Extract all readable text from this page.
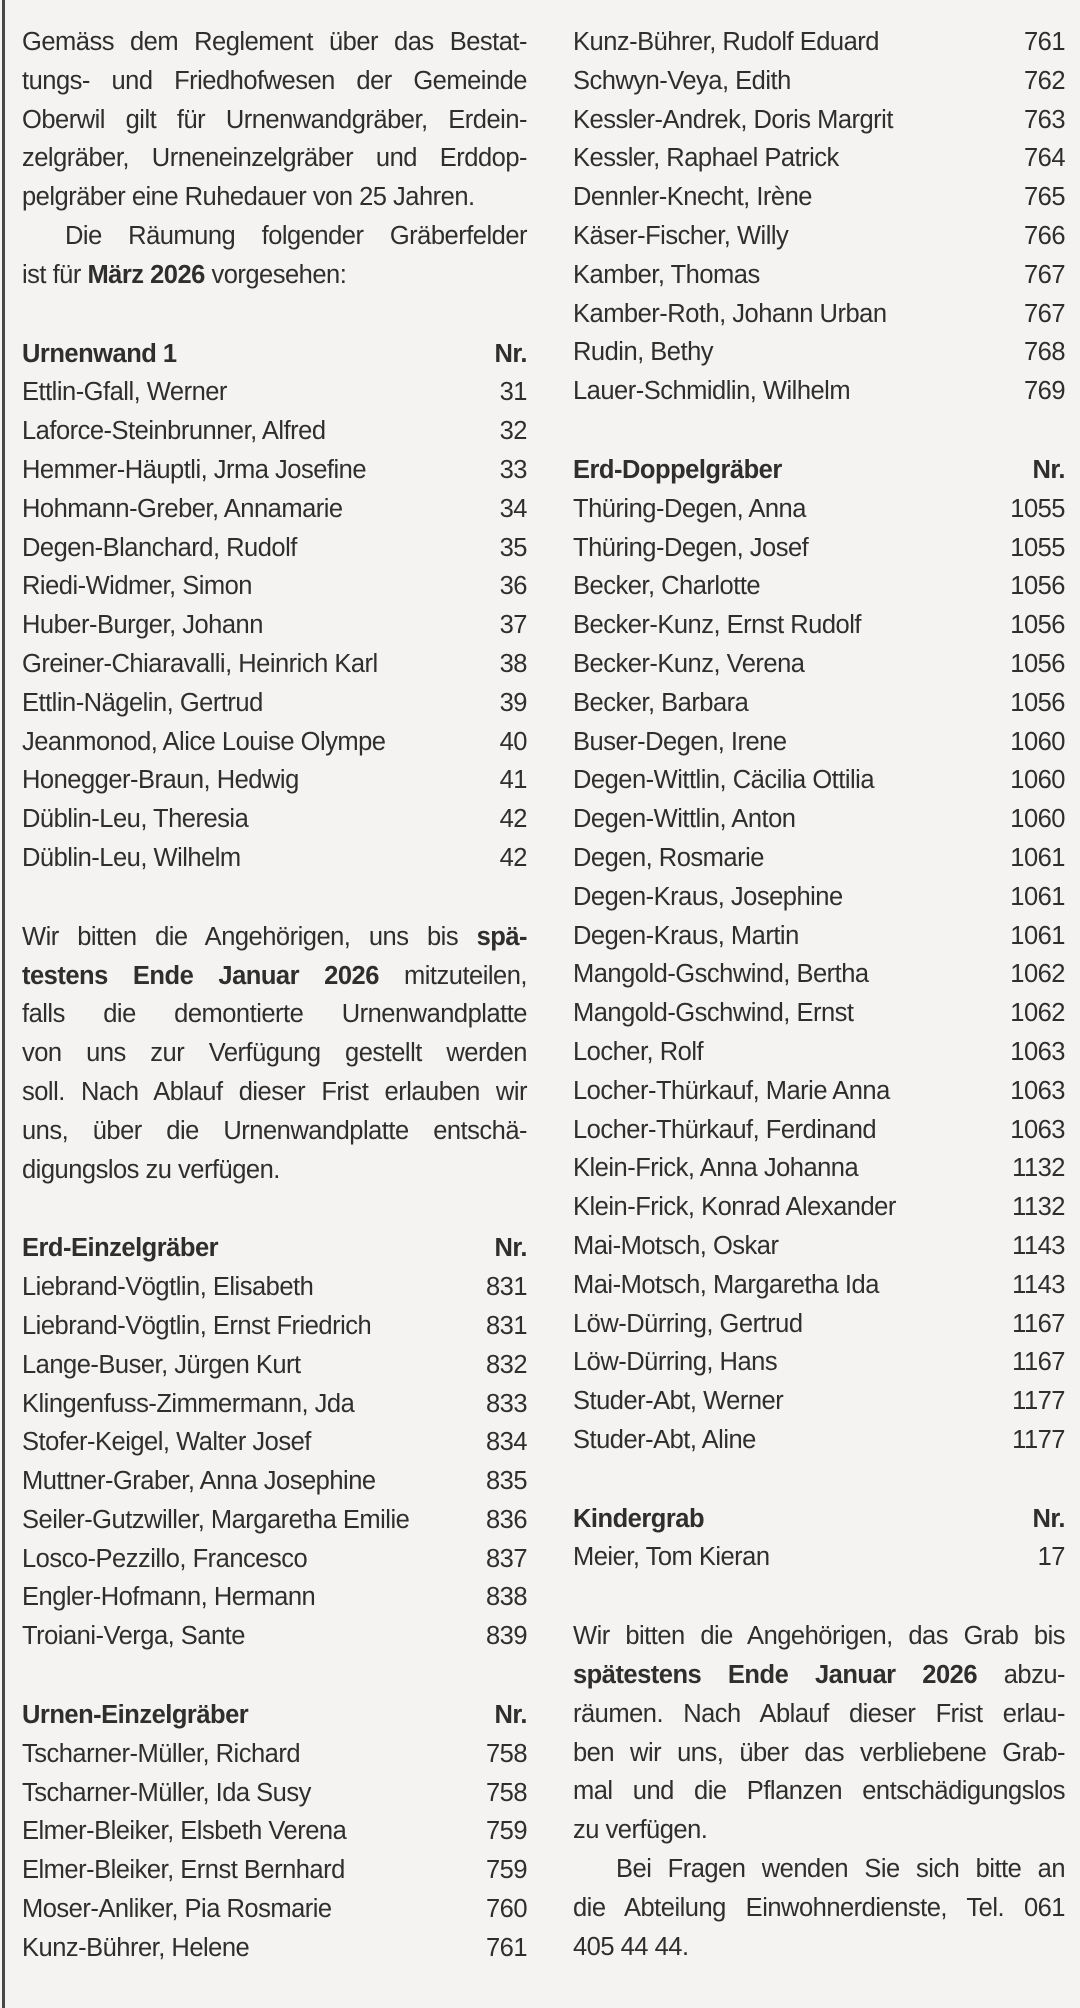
Gemäss dem Reglement über das Bestat-
tungs- und Friedhofwesen der Gemeinde
Oberwil gilt für Urnenwandgräber, Erdein-
zelgräber, Urneneinzelgräber und Erddop-
pelgräber eine Ruhedauer von 25 Jahren.
Die Räumung folgender Gräberfelder
ist für März 2026 vorgesehen:
Urnenwand 1	Nr.
Ettlin-Gfall, Werner	31
Laforce-Steinbrunner, Alfred	32
Hemmer-Häuptli, Jrma Josefine	33
Hohmann-Greber, Annamarie	34
Degen-Blanchard, Rudolf	35
Riedi-Widmer, Simon	36
Huber-Burger, Johann	37
Greiner-Chiaravalli, Heinrich Karl	38
Ettlin-Nägelin, Gertrud	39
Jeanmonod, Alice Louise Olympe	40
Honegger-Braun, Hedwig	41
Düblin-Leu, Theresia	42
Düblin-Leu, Wilhelm	42
Wir bitten die Angehörigen, uns bis spä-
testens Ende Januar 2026 mitzuteilen,
falls die demontierte Urnenwandplatte
von uns zur Verfügung gestellt werden
soll. Nach Ablauf dieser Frist erlauben wir
uns, über die Urnenwandplatte entschä-
digungslos zu verfügen.
Erd-Einzelgräber	Nr.
Liebrand-Vögtlin, Elisabeth	831
Liebrand-Vögtlin, Ernst Friedrich	831
Lange-Buser, Jürgen Kurt	832
Klingenfuss-Zimmermann, Jda	833
Stofer-Keigel, Walter Josef	834
Muttner-Graber, Anna Josephine	835
Seiler-Gutzwiller, Margaretha Emilie	836
Losco-Pezzillo, Francesco	837
Engler-Hofmann, Hermann	838
Troiani-Verga, Sante	839
Urnen-Einzelgräber	Nr.
Tscharner-Müller, Richard	758
Tscharner-Müller, Ida Susy	758
Elmer-Bleiker, Elsbeth Verena	759
Elmer-Bleiker, Ernst Bernhard	759
Moser-Anliker, Pia Rosmarie	760
Kunz-Bührer, Helene	761
Kunz-Bührer, Rudolf Eduard	761
Schwyn-Veya, Edith	762
Kessler-Andrek, Doris Margrit	763
Kessler, Raphael Patrick	764
Dennler-Knecht, Irène	765
Käser-Fischer, Willy	766
Kamber, Thomas	767
Kamber-Roth, Johann Urban	767
Rudin, Bethy	768
Lauer-Schmidlin, Wilhelm	769
Erd-Doppelgräber	Nr.
Thüring-Degen, Anna	1055
Thüring-Degen, Josef	1055
Becker, Charlotte	1056
Becker-Kunz, Ernst Rudolf	1056
Becker-Kunz, Verena	1056
Becker, Barbara	1056
Buser-Degen, Irene	1060
Degen-Wittlin, Cäcilia Ottilia	1060
Degen-Wittlin, Anton	1060
Degen, Rosmarie	1061
Degen-Kraus, Josephine	1061
Degen-Kraus, Martin	1061
Mangold-Gschwind, Bertha	1062
Mangold-Gschwind, Ernst	1062
Locher, Rolf	1063
Locher-Thürkauf, Marie Anna	1063
Locher-Thürkauf, Ferdinand	1063
Klein-Frick, Anna Johanna	1132
Klein-Frick, Konrad Alexander	1132
Mai-Motsch, Oskar	1143
Mai-Motsch, Margaretha Ida	1143
Löw-Dürring, Gertrud	1167
Löw-Dürring, Hans	1167
Studer-Abt, Werner	1177
Studer-Abt, Aline	1177
Kindergrab	Nr.
Meier, Tom Kieran	17
Wir bitten die Angehörigen, das Grab bis
spätestens Ende Januar 2026 abzu-
räumen. Nach Ablauf dieser Frist erlau-
ben wir uns, über das verbliebene Grab-
mal und die Pflanzen entschädigungslos
zu verfügen.
Bei Fragen wenden Sie sich bitte an
die Abteilung Einwohnerdienste, Tel. 061
405 44 44.
